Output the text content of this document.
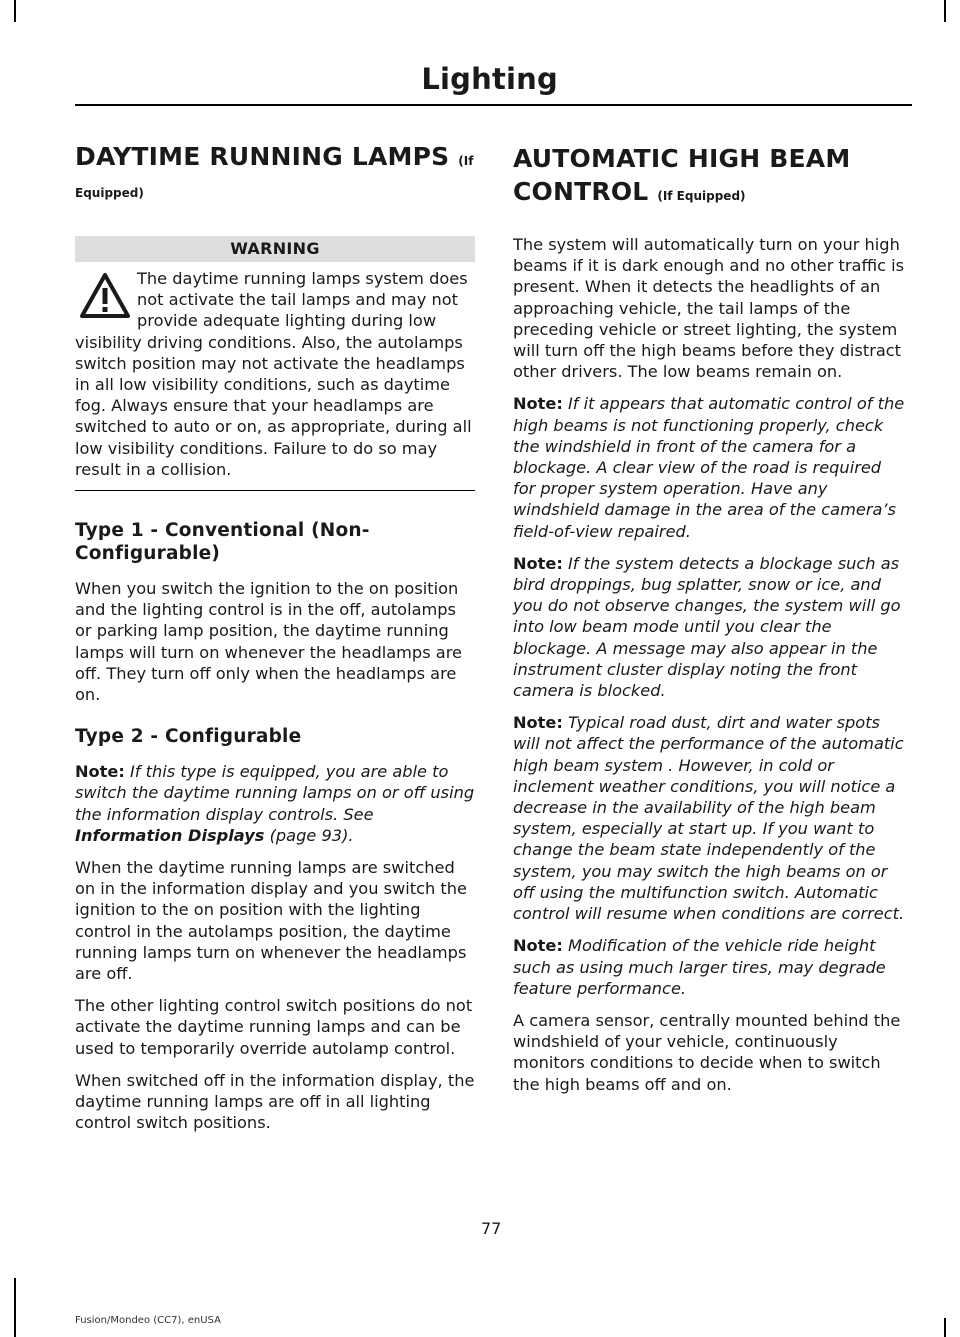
Lighting
DAYTIME RUNNING LAMPS (If
Equipped)
WARNING
The daytime running lamps system does not activate the tail lamps and may not provide adequate lighting during low visibility driving conditions. Also, the autolamps switch position may not activate the headlamps in all low visibility conditions, such as daytime fog. Always ensure that your headlamps are switched to auto or on, as appropriate, during all low visibility conditions. Failure to do so may result in a collision.
Type 1 - Conventional (Non-Configurable)

When you switch the ignition to the on position and the lighting control is in the off, autolamps or parking lamp position, the daytime running lamps will turn on whenever the headlamps are off. They turn off only when the headlamps are on.

Type 2 - Configurable

Note: If this type is equipped, you are able to switch the daytime running lamps on or off using the information display controls. See Information Displays (page 93).

When the daytime running lamps are switched on in the information display and you switch the ignition to the on position with the lighting control in the autolamps position, the daytime running lamps turn on whenever the headlamps are off.

The other lighting control switch positions do not activate the daytime running lamps and can be used to temporarily override autolamp control.

When switched off in the information display, the daytime running lamps are off in all lighting control switch positions.

AUTOMATIC HIGH BEAM
CONTROL (If Equipped)

The system will automatically turn on your high beams if it is dark enough and no other traffic is present. When it detects the headlights of an approaching vehicle, the tail lamps of the preceding vehicle or street lighting, the system will turn off the high beams before they distract other drivers. The low beams remain on.

Note: If it appears that automatic control of the high beams is not functioning properly, check the windshield in front of the camera for a blockage. A clear view of the road is required for proper system operation. Have any windshield damage in the area of the camera’s field-of-view repaired.

Note: If the system detects a blockage such as bird droppings, bug splatter, snow or ice, and you do not observe changes, the system will go into low beam mode until you clear the blockage. A message may also appear in the instrument cluster display noting the front camera is blocked.

Note: Typical road dust, dirt and water spots will not affect the performance of the automatic high beam system . However, in cold or inclement weather conditions, you will notice a decrease in the availability of the high beam system, especially at start up. If you want to change the beam state independently of the system, you may switch the high beams on or off using the multifunction switch. Automatic control will resume when conditions are correct.

Note: Modification of the vehicle ride height such as using much larger tires, may degrade feature performance.

A camera sensor, centrally mounted behind the windshield of your vehicle, continuously monitors conditions to decide when to switch the high beams off and on.

77
Fusion/Mondeo (CC7), enUSA
